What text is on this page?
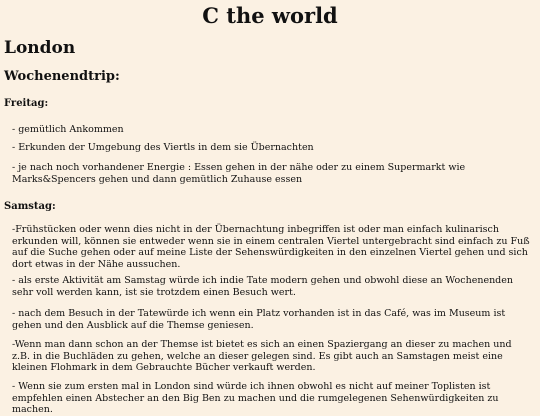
C the world
London
Wochenendtrip:
Freitag:

- gemütlich Ankommen

- Erkunden der Umgebung des Viertls in dem sie Übernachten

- je nach noch vorhandener Energie : Essen gehen in der nähe oder zu einem Supermarkt wie Marks&Spencers gehen und dann gemütlich Zuhause essen

Samstag:

-Frühstücken oder wenn dies nicht in der Übernachtung inbegriffen ist oder man einfach kulinarisch erkunden will, können sie entweder wenn sie in einem centralen Viertel untergebracht sind einfach zu Fuß auf die Suche gehen oder auf meine Liste der Sehenswürdigkeiten in den einzelnen Viertel gehen und sich dort etwas in der Nähe aussuchen.

- als erste Aktivität am Samstag würde ich indie Tate modern gehen und obwohl diese an Wochenenden sehr voll werden kann, ist sie trotzdem einen Besuch wert.

- nach dem Besuch in der Tatewürde ich wenn ein Platz vorhanden ist in das Café, was im Museum ist gehen und den Ausblick auf die Themse geniesen.

-Wenn man dann schon an der Themse ist bietet es sich an einen Spaziergang an dieser zu machen und z.B. in die Buchläden zu gehen, welche an dieser gelegen sind. Es gibt auch an Samstagen meist eine kleinen Flohmark in dem Gebrauchte Bücher verkauft werden.

- Wenn sie zum ersten mal in London sind würde ich ihnen obwohl es nicht auf meiner Toplisten ist empfehlen einen Abstecher an den Big Ben zu machen und die rumgelegenen Sehenwürdigkeiten zu machen.
